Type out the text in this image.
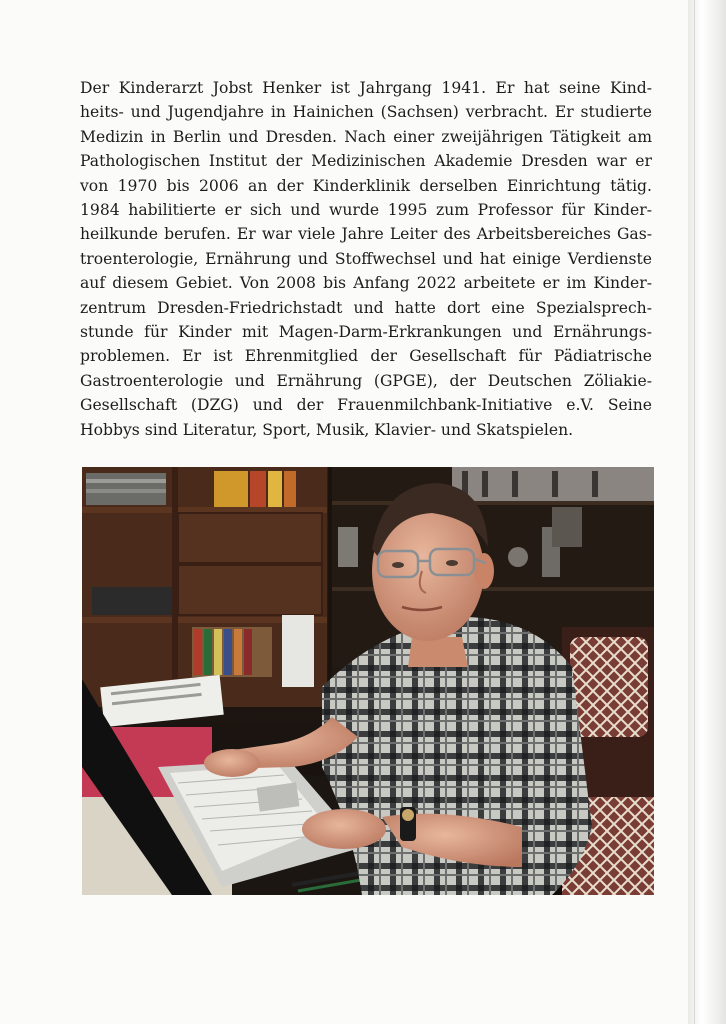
Der Kinderarzt Jobst Henker ist Jahrgang 1941. Er hat seine Kind-
heits- und Jugendjahre in Hainichen (Sachsen) verbracht. Er studierte
Medizin in Berlin und Dresden. Nach einer zweijährigen Tätigkeit am
Pathologischen Institut der Medizinischen Akademie Dresden war er
von 1970 bis 2006 an der Kinderklinik derselben Einrichtung tätig.
1984 habilitierte er sich und wurde 1995 zum Professor für Kinder-
heilkunde berufen. Er war viele Jahre Leiter des Arbeitsbereiches Gas-
troenterologie, Ernährung und Stoffwechsel und hat einige Verdienste
auf diesem Gebiet. Von 2008 bis Anfang 2022 arbeitete er im Kinder-
zentrum Dresden-Friedrichstadt und hatte dort eine Spezialsprech-
stunde für Kinder mit Magen-Darm-Erkrankungen und Ernährungs-
problemen. Er ist Ehrenmitglied der Gesellschaft für Pädiatrische
Gastroenterologie und Ernährung (GPGE), der Deutschen Zöliakie-
Gesellschaft (DZG) und der Frauenmilchbank-Initiative e.V. Seine
Hobbys sind Literatur, Sport, Musik, Klavier- und Skatspielen.
